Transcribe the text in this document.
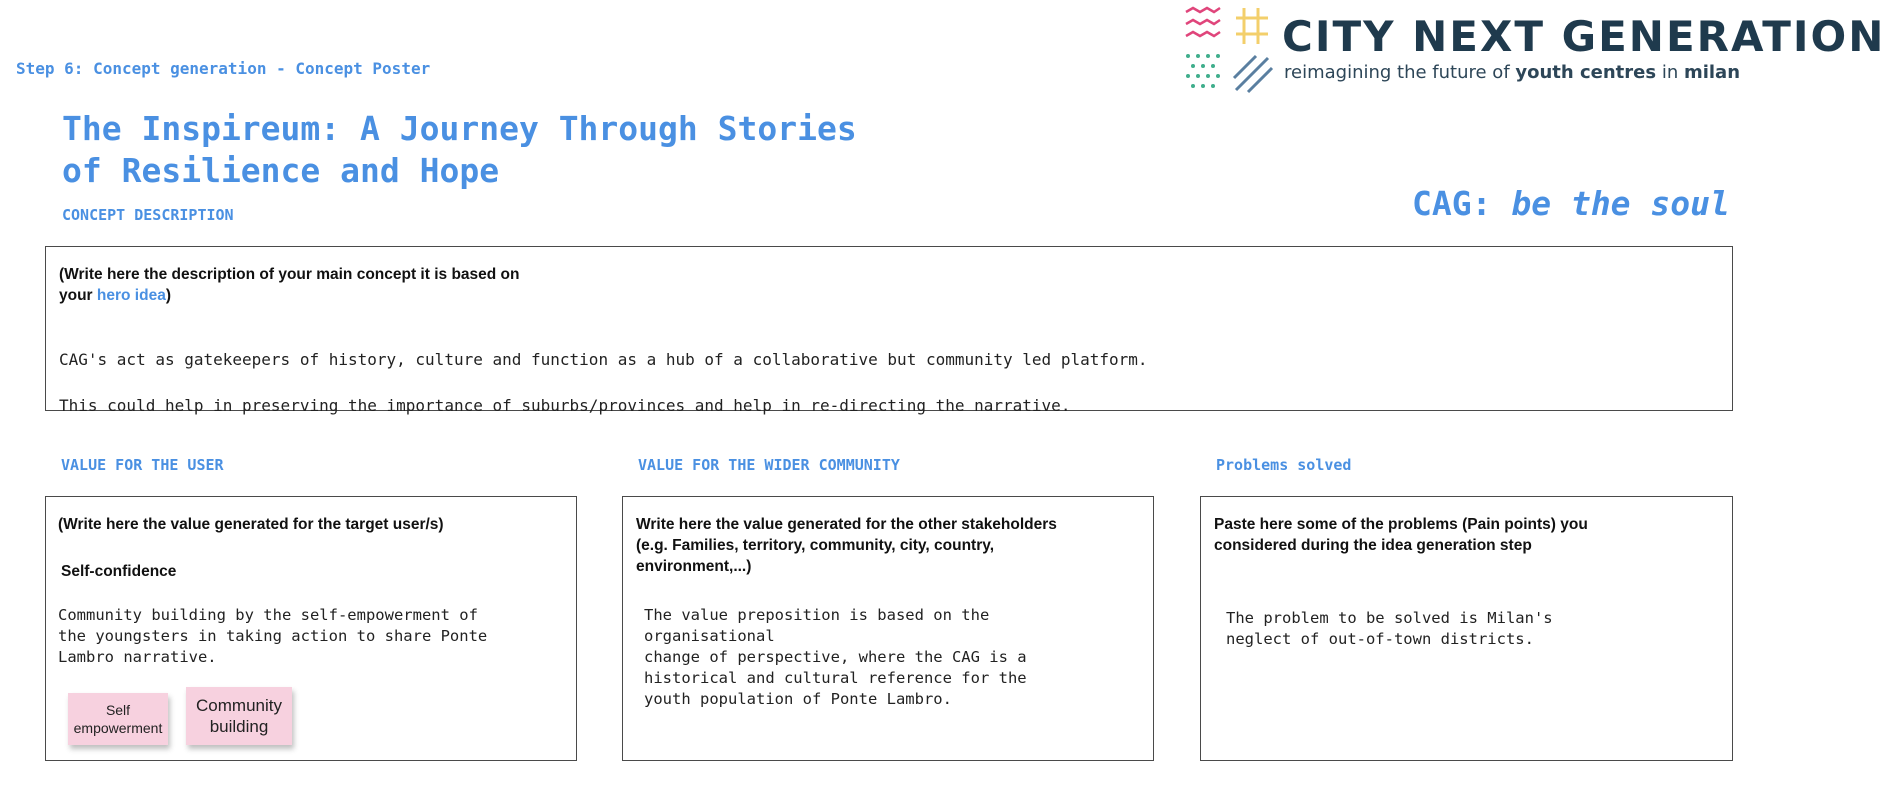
Step 6: Concept generation - Concept Poster
CITY NEXT GENERATION
reimagining the future of youth centres in milan
The Inspireum: A Journey Through Stories
of Resilience and Hope
CAG: be the soul
CONCEPT DESCRIPTION
(Write here the description of your main concept it is based on
your hero idea)

CAG's act as gatekeepers of history, culture and function as a hub of a collaborative but community led platform.

This could help in preserving the importance of suburbs/provinces and help in re-directing the narrative.

VALUE FOR THE USER
(Write here the value generated for the target user/s)
Self-confidence
Community building by the self-empowerment of
the youngsters in taking action to share Ponte
Lambro narrative.
Self empowerment
Community building
VALUE FOR THE WIDER COMMUNITY
Write here the value generated for the other stakeholders
(e.g. Families, territory, community, city, country,
environment,...)
The value preposition is based on the
organisational
change of perspective, where the CAG is a
historical and cultural reference for the
youth population of Ponte Lambro.
Problems solved
Paste here some of the problems (Pain points) you
considered during the idea generation step
The problem to be solved is Milan's
neglect of out-of-town districts.
